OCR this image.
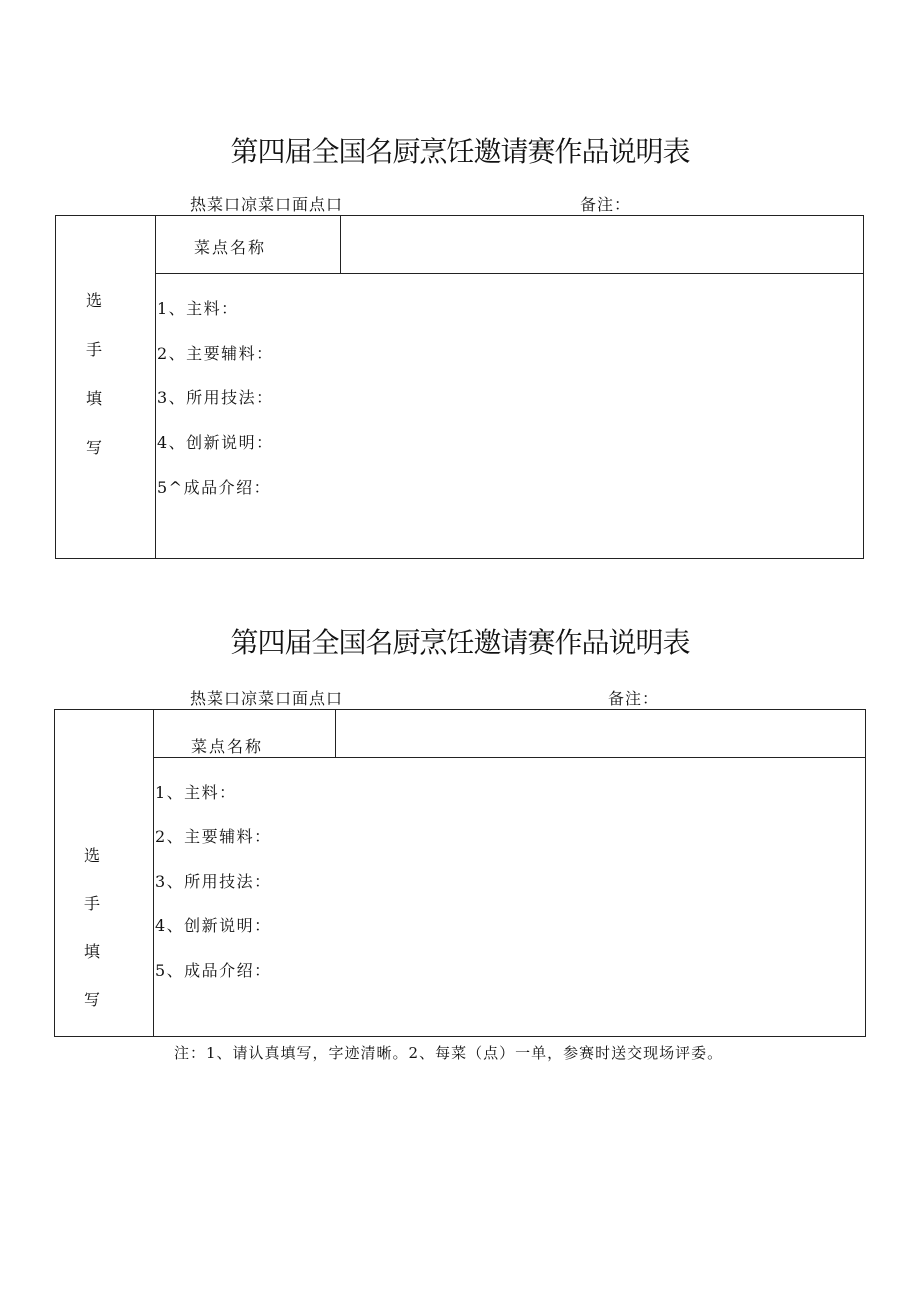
第四届全国名厨烹饪邀请赛作品说明表
热菜口凉菜口面点口	备注：
选
手
填
写
菜点名称
1、主料：
2、主要辅料：
3、所用技法：
4、创新说明：
5^成品介绍：
第四届全国名厨烹饪邀请赛作品说明表
热菜口凉菜口面点口	备注：
选
手
填
写
菜点名称
1、主料：
2、主要辅料：
3、所用技法：
4、创新说明：
5、成品介绍：
注：1、请认真填写，字迹清晰。2、每菜（点）一单，参赛时送交现场评委。
